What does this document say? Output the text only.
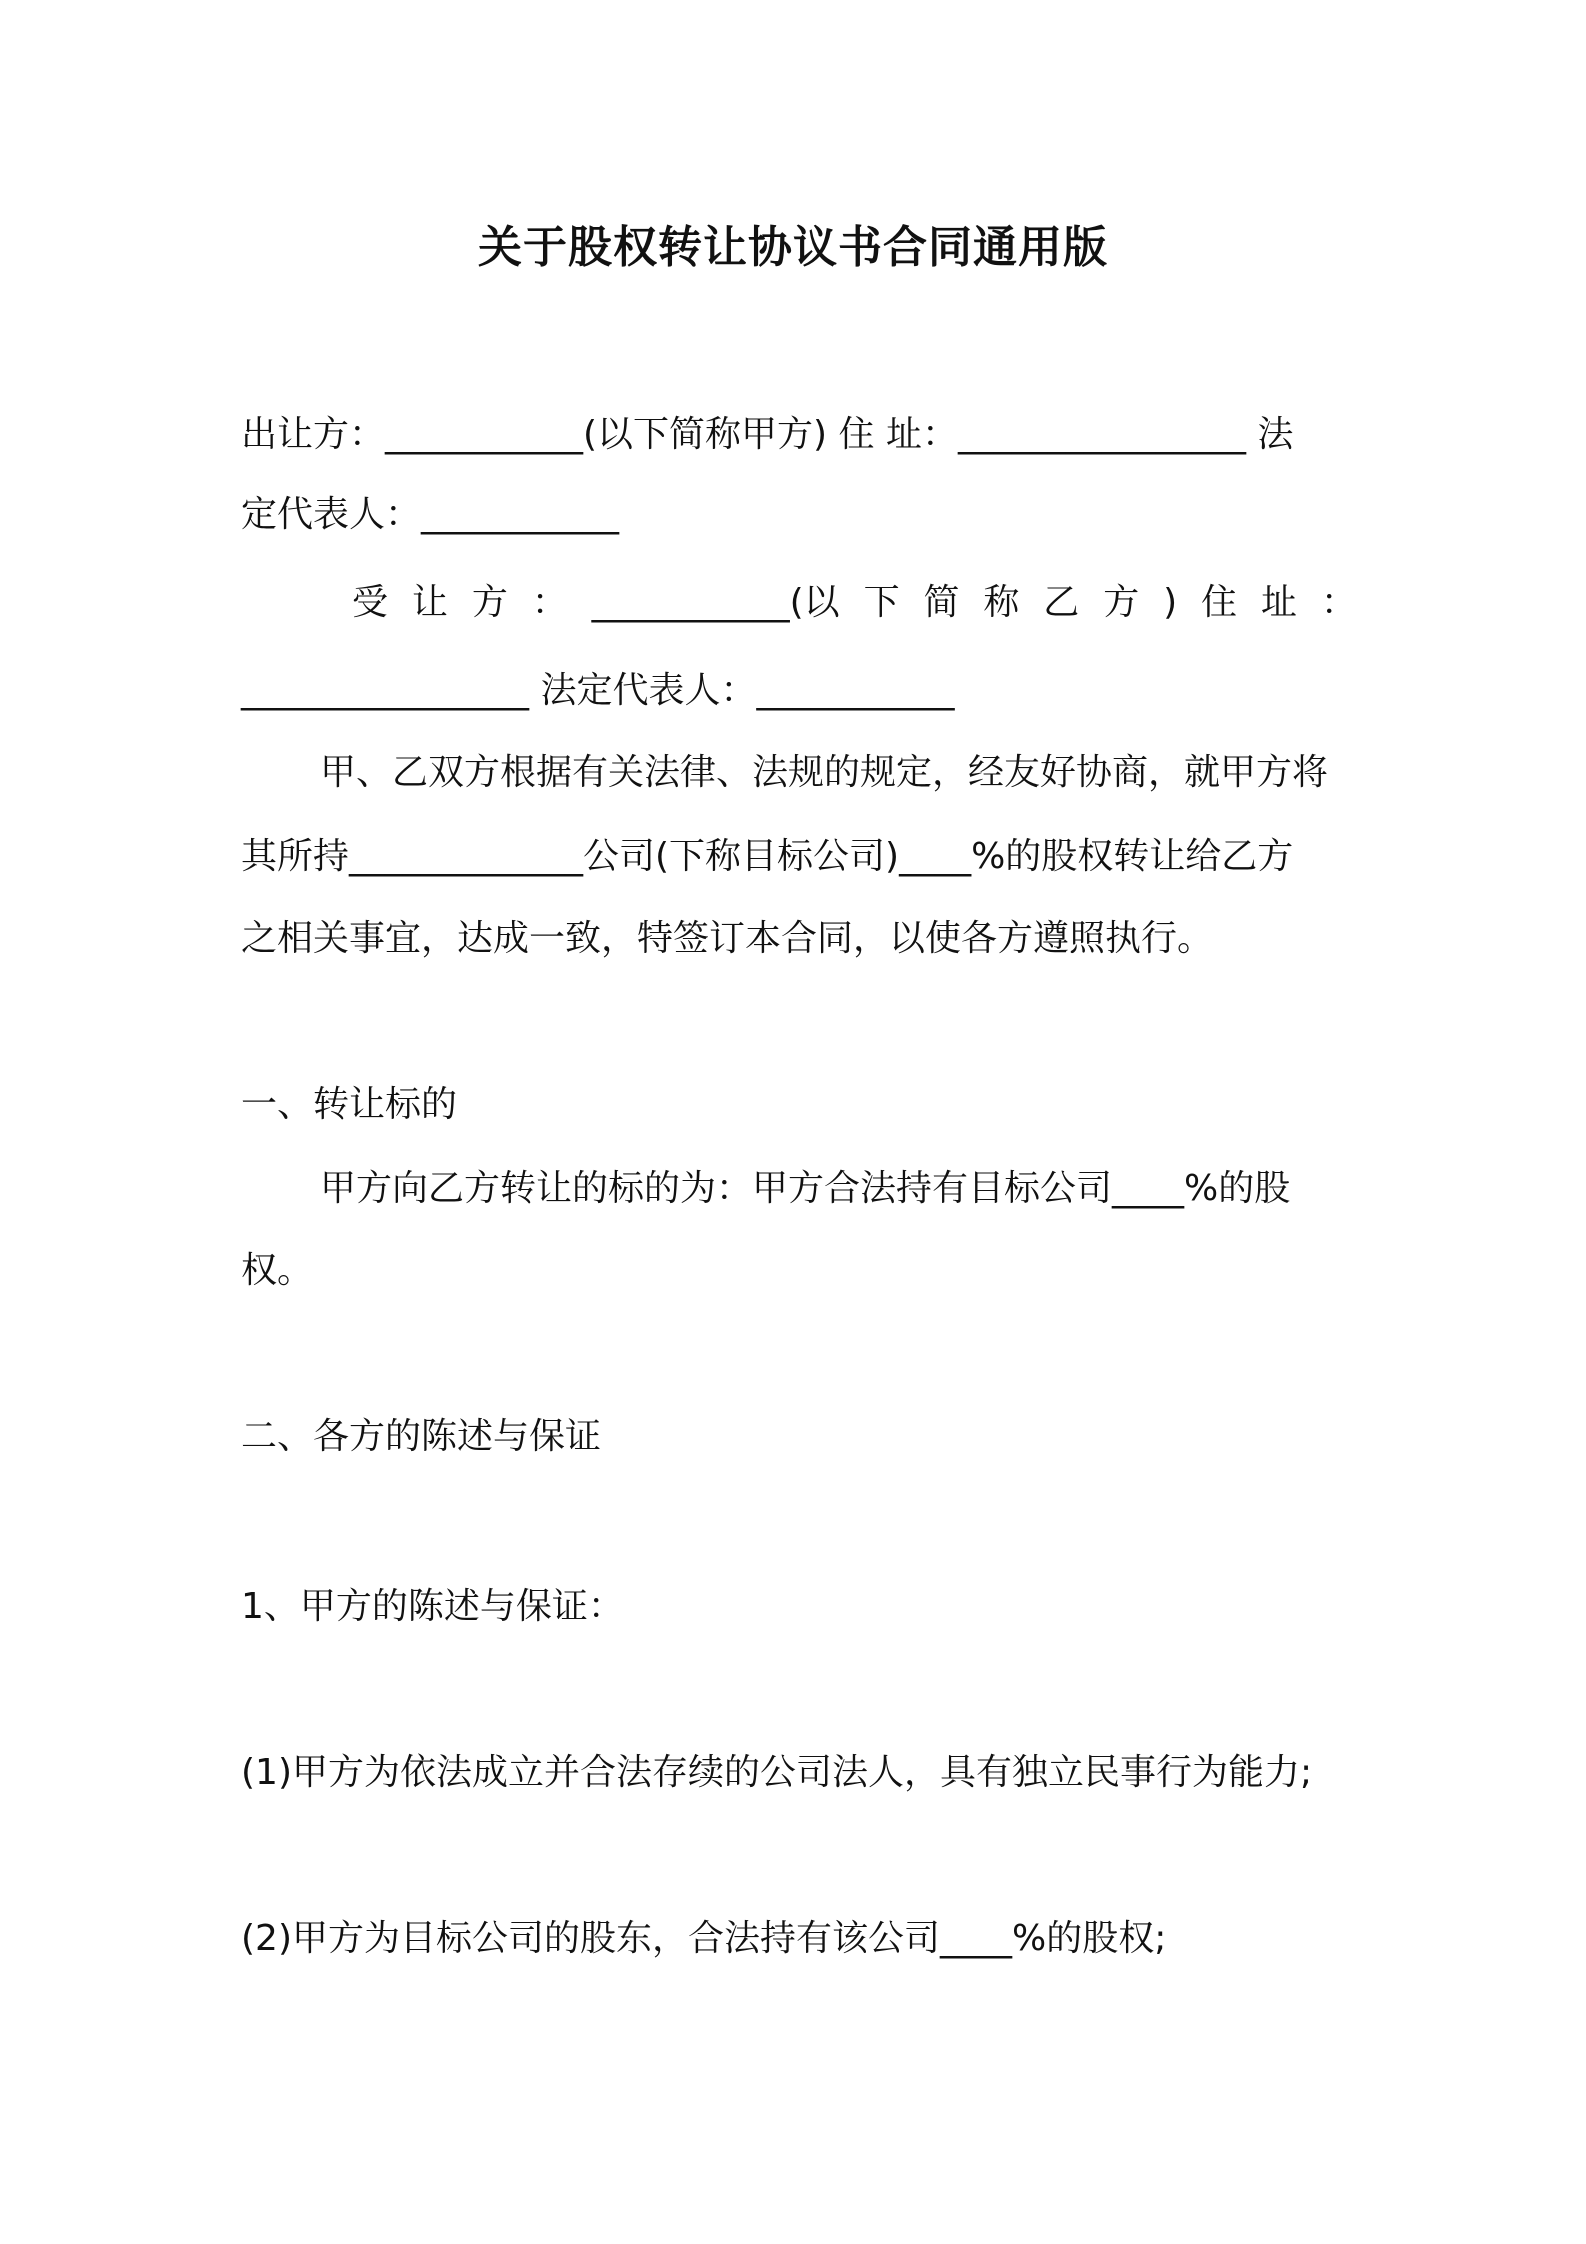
关于股权转让协议书合同通用版
出让方：___________(以下简称甲方) 住 址：________________ 法
定代表人：___________
受 让 方 ： ___________(以 下 简 称 乙 方 ) 住 址 ：
________________ 法定代表人：___________
甲、乙双方根据有关法律、法规的规定，经友好协商，就甲方将
其所持_____________公司(下称目标公司)____%的股权转让给乙方
之相关事宜，达成一致，特签订本合同，以使各方遵照执行。
一、转让标的
甲方向乙方转让的标的为：甲方合法持有目标公司____%的股
权。
二、各方的陈述与保证
1、甲方的陈述与保证：
(1)甲方为依法成立并合法存续的公司法人，具有独立民事行为能力;
(2)甲方为目标公司的股东，合法持有该公司____%的股权;
